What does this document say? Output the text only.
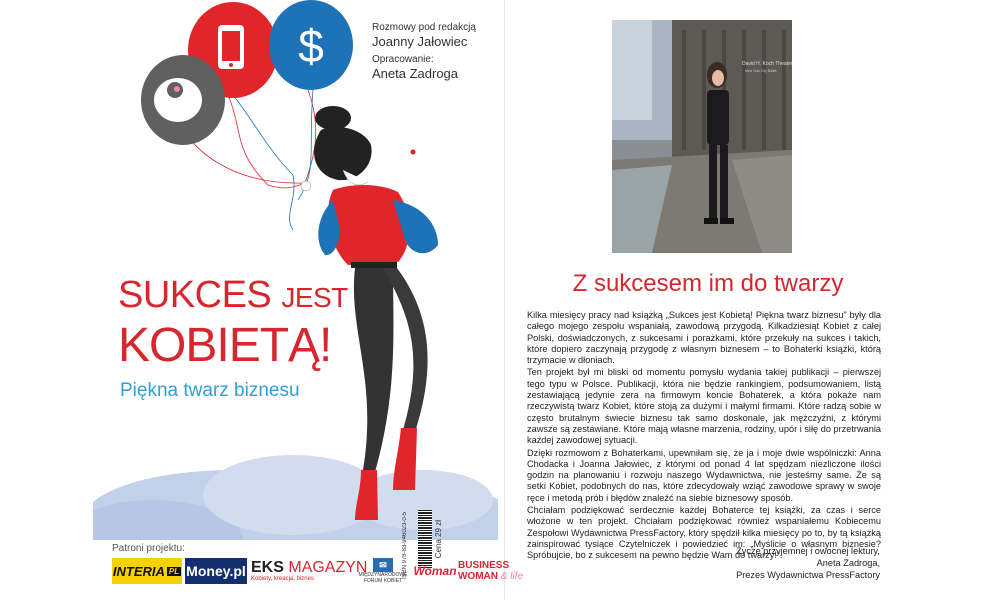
$	Rozmowy pod redakcją
Joanny Jałowiec
Opracowanie:
Aneta Zadroga
SUKCES JEST
KOBIETĄ!
Piękna twarz biznesu
ISBN 978-83-946023-0-5	Cena 29 zł
Patroni projektu:
INTERIA PL Money.pl EKS MAGAZYN
Kobiety, kreacja, biznes
✉
MIĘDZYNARODOWE FORUM KOBIET
Woman BUSINESS
WOMAN & life
David H. Koch Theater
New York City Ballet
Z sukcesem im do twarzy

Kilka miesięcy pracy nad książką „Sukces jest Kobietą! Piękna twarz biznesu” były dla całego mojego zespołu wspaniałą, zawodową przygodą. Kilkadziesiąt Kobiet z całej Polski, doświadczonych, z sukcesami i porażkami, które przekuły na sukces i takich, które dopiero zaczynają przygodę z własnym biznesem – to Bohaterki książki, którą trzymacie w dłoniach.

Ten projekt był mi bliski od momentu pomysłu wydania takiej publikacji – pierwszej tego typu w Polsce. Publikacji, która nie będzie rankingiem, podsumowaniem, listą zestawiającą jedynie zera na firmowym koncie Bohaterek, a która pokaże nam rzeczywistą twarz Kobiet, które stoją za dużymi i małymi firmami. Które radzą sobie w często brutalnym świecie biznesu tak samo doskonale, jak mężczyźni, z którymi zawsze są zestawiane. Które mają własne marzenia, rodziny, upór i siłę do przetrwania każdej zawodowej sytuacji.

Dzięki rozmowom z Bohaterkami, upewniłam się, że ja i moje dwie wspólniczki: Anna Chodacka i Joanna Jałowiec, z którymi od ponad 4 lat spędzam niezliczone ilości godzin na planowaniu i rozwoju naszego Wydawnictwa, nie jesteśmy same. Że są setki Kobiet, podobnych do nas, które zdecydowały wziąć zawodowe sprawy w swoje ręce i metodą prób i błędów znaleźć na siebie biznesowy sposób.

Chciałam podziękować serdecznie każdej Bohaterce tej książki, za czas i serce włożone w ten projekt. Chciałam podziękować również wspaniałemu Kobiecemu Zespołowi Wydawnictwa PressFactory, który spędził kilka miesięcy po to, by tą książką zainspirować tysiące Czytelniczek i powiedzieć im: „Myślicie o własnym biznesie? Spróbujcie, bo z sukcesem na pewno będzie Wam do twarzy!”.

Życzę przyjemnej i owocnej lektury,
Aneta Zadroga,
Prezes Wydawnictwa PressFactory
